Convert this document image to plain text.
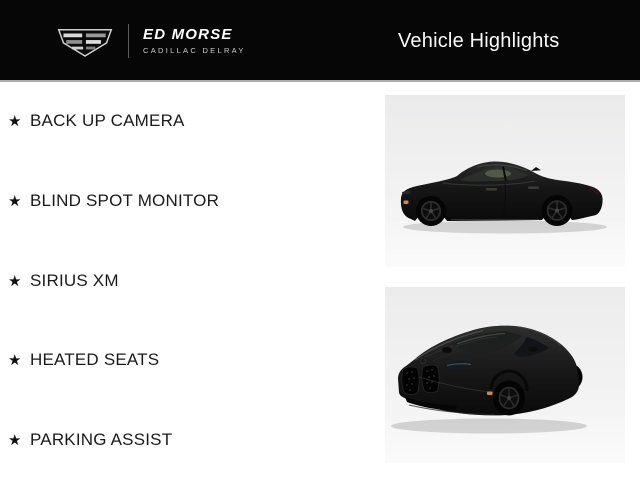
ED MORSE
CADILLAC DELRAY	Vehicle Highlights
★ BACK UP CAMERA
★ BLIND SPOT MONITOR
★ SIRIUS XM
★ HEATED SEATS
★ PARKING ASSIST
